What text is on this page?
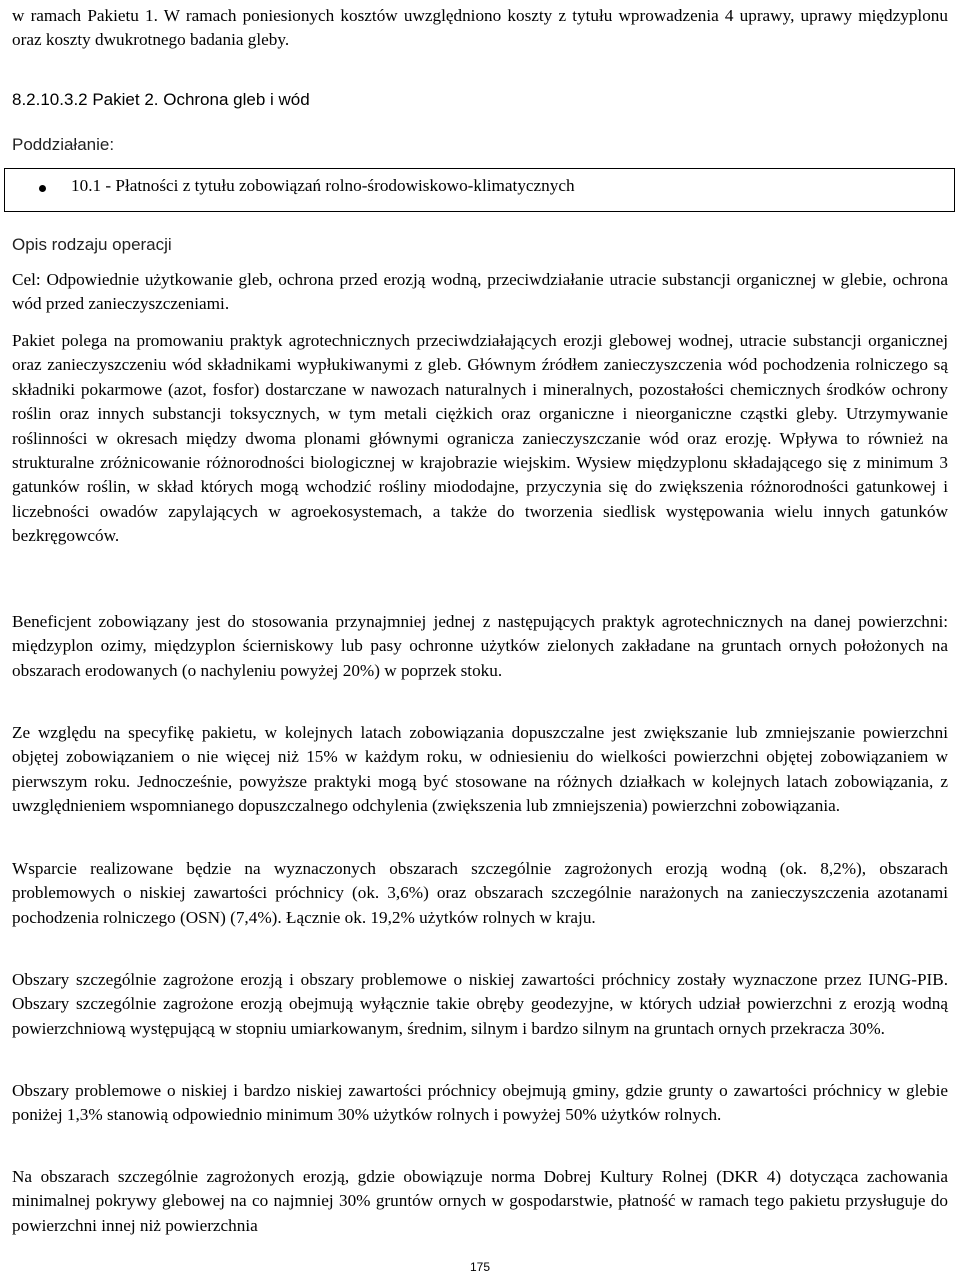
w ramach Pakietu 1. W ramach poniesionych kosztów uwzględniono koszty z tytułu wprowadzenia 4 uprawy, uprawy międzyplonu oraz koszty dwukrotnego badania gleby.

8.2.10.3.2 Pakiet 2. Ochrona gleb i wód
Poddziałanie:
10.1 - Płatności z tytułu zobowiązań rolno-środowiskowo-klimatycznych
Opis rodzaju operacji

Cel: Odpowiednie użytkowanie gleb, ochrona przed erozją wodną, przeciwdziałanie utracie substancji organicznej w glebie, ochrona wód przed zanieczyszczeniami.

Pakiet polega na promowaniu praktyk agrotechnicznych przeciwdziałających erozji glebowej wodnej, utracie substancji organicznej oraz zanieczyszczeniu wód składnikami wypłukiwanymi z gleb. Głównym źródłem zanieczyszczenia wód pochodzenia rolniczego są składniki pokarmowe (azot, fosfor) dostarczane w nawozach naturalnych i mineralnych, pozostałości chemicznych środków ochrony roślin oraz innych substancji toksycznych, w tym metali ciężkich oraz organiczne i nieorganiczne cząstki gleby. Utrzymywanie roślinności w okresach między dwoma plonami głównymi ogranicza zanieczyszczanie wód oraz erozję. Wpływa to również na strukturalne zróżnicowanie różnorodności biologicznej w krajobrazie wiejskim. Wysiew międzyplonu składającego się z minimum 3 gatunków roślin, w skład których mogą wchodzić rośliny miododajne, przyczynia się do zwiększenia różnorodności gatunkowej i liczebności owadów zapylających w agroekosystemach, a także do tworzenia siedlisk występowania wielu innych gatunków bezkręgowców.

Beneficjent zobowiązany jest do stosowania przynajmniej jednej z następujących praktyk agrotechnicznych na danej powierzchni: międzyplon ozimy, międzyplon ścierniskowy lub pasy ochronne użytków zielonych zakładane na gruntach ornych położonych na obszarach erodowanych (o nachyleniu powyżej 20%) w poprzek stoku.

Ze względu na specyfikę pakietu, w kolejnych latach zobowiązania dopuszczalne jest zwiększanie lub zmniejszanie powierzchni objętej zobowiązaniem o nie więcej niż 15% w każdym roku, w odniesieniu do wielkości powierzchni objętej zobowiązaniem w pierwszym roku. Jednocześnie, powyższe praktyki mogą być stosowane na różnych działkach w kolejnych latach zobowiązania, z uwzględnieniem wspomnianego dopuszczalnego odchylenia (zwiększenia lub zmniejszenia) powierzchni zobowiązania.

Wsparcie realizowane będzie na wyznaczonych obszarach szczególnie zagrożonych erozją wodną (ok. 8,2%), obszarach problemowych o niskiej zawartości próchnicy (ok. 3,6%) oraz obszarach szczególnie narażonych na zanieczyszczenia azotanami pochodzenia rolniczego (OSN) (7,4%). Łącznie ok. 19,2% użytków rolnych w kraju.

Obszary szczególnie zagrożone erozją i obszary problemowe o niskiej zawartości próchnicy zostały wyznaczone przez IUNG-PIB. Obszary szczególnie zagrożone erozją obejmują wyłącznie takie obręby geodezyjne, w których udział powierzchni z erozją wodną powierzchniową występującą w stopniu umiarkowanym, średnim, silnym i bardzo silnym na gruntach ornych przekracza 30%.

Obszary problemowe o niskiej i bardzo niskiej zawartości próchnicy obejmują gminy, gdzie grunty o zawartości próchnicy w glebie poniżej 1,3% stanowią odpowiednio minimum 30% użytków rolnych i powyżej 50% użytków rolnych.

Na obszarach szczególnie zagrożonych erozją, gdzie obowiązuje norma Dobrej Kultury Rolnej (DKR 4) dotycząca zachowania minimalnej pokrywy glebowej na co najmniej 30% gruntów ornych w gospodarstwie, płatność w ramach tego pakietu przysługuje do powierzchni innej niż powierzchnia

175
